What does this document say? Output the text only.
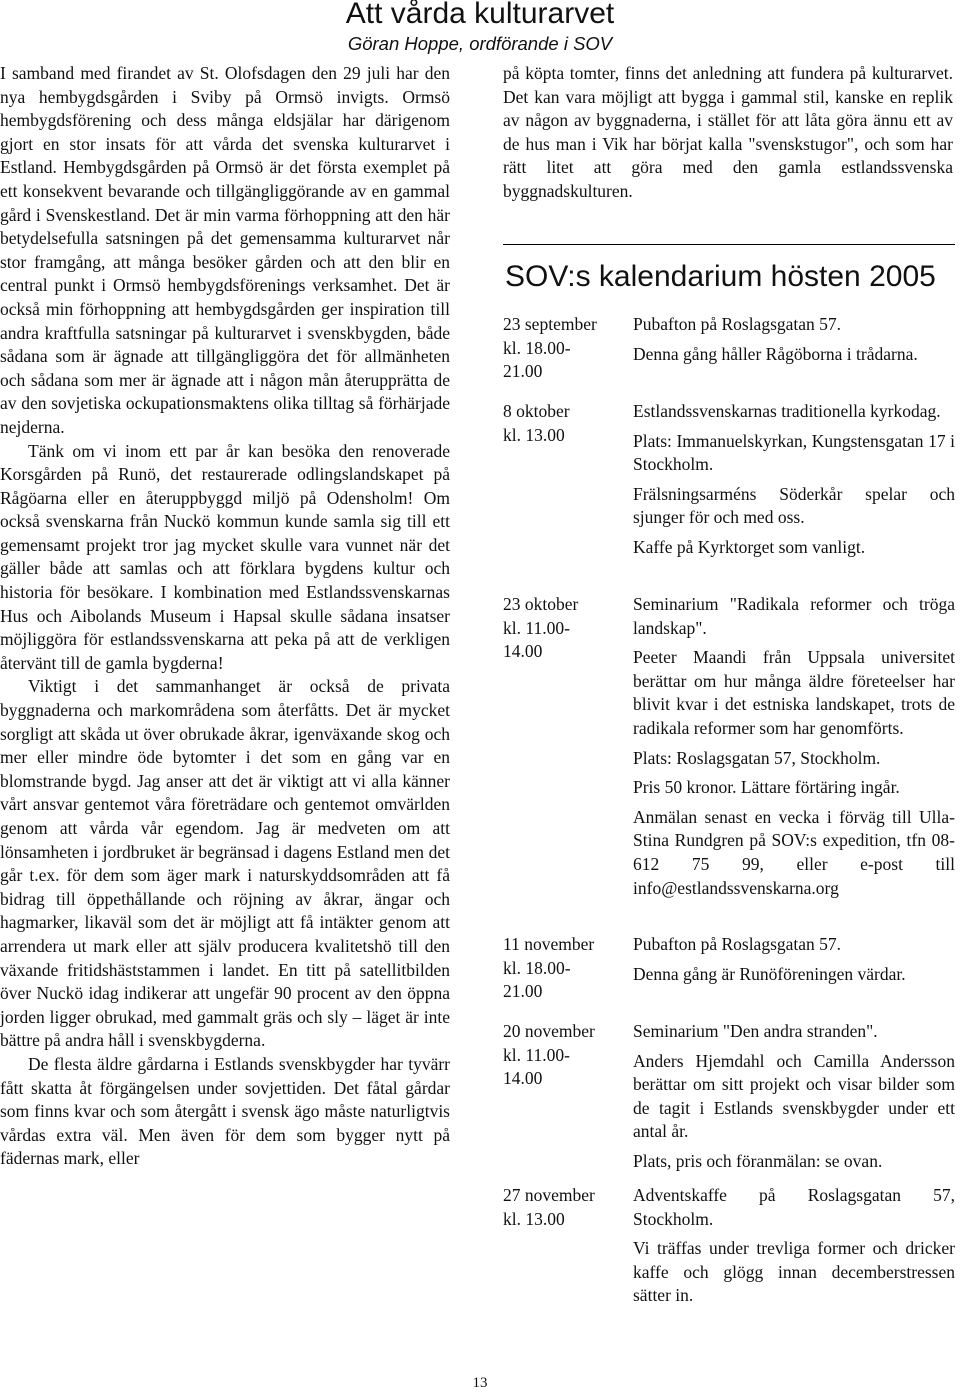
Att vårda kulturarvet
Göran Hoppe, ordförande i SOV

I samband med firandet av St. Olofsdagen den 29 juli har den nya hembygdsgården i Sviby på Ormsö invigts. Ormsö hembygdsförening och dess många eldsjälar har därigenom gjort en stor insats för att vårda det svenska kulturarvet i Estland. Hembygdsgården på Ormsö är det första exemplet på ett konsekvent bevarande och tillgängliggörande av en gammal gård i Svenskestland. Det är min varma förhoppning att den här betydelsefulla satsningen på det gemensamma kulturarvet når stor framgång, att många besöker gården och att den blir en central punkt i Ormsö hembygdsförenings verksamhet. Det är också min förhoppning att hembygdsgården ger inspiration till andra kraftfulla satsningar på kulturarvet i svenskbygden, både sådana som är ägnade att tillgängliggöra det för allmänheten och sådana som mer är ägnade att i någon mån återupprätta de av den sovjetiska ockupationsmaktens olika tilltag så förhärjade nejderna.

Tänk om vi inom ett par år kan besöka den renoverade Korsgården på Runö, det restaurerade odlingslandskapet på Rågöarna eller en återuppbyggd miljö på Odensholm! Om också svenskarna från Nuckö kommun kunde samla sig till ett gemensamt projekt tror jag mycket skulle vara vunnet när det gäller både att samlas och att förklara bygdens kultur och historia för besökare. I kombination med Estlandssvenskarnas Hus och Aibolands Museum i Hapsal skulle sådana insatser möjliggöra för estlandssvenskarna att peka på att de verkligen återvänt till de gamla bygderna!

Viktigt i det sammanhanget är också de privata byggnaderna och markområdena som återfåtts. Det är mycket sorgligt att skåda ut över obrukade åkrar, igenväxande skog och mer eller mindre öde bytomter i det som en gång var en blomstrande bygd. Jag anser att det är viktigt att vi alla känner vårt ansvar gentemot våra företrädare och gentemot omvärlden genom att vårda vår egendom. Jag är medveten om att lönsamheten i jordbruket är begränsad i dagens Estland men det går t.ex. för dem som äger mark i naturskyddsområden att få bidrag till öppethållande och röjning av åkrar, ängar och hagmarker, likaväl som det är möjligt att få intäkter genom att arrendera ut mark eller att själv producera kvalitetshö till den växande fritidshäststammen i landet. En titt på satellitbilden över Nuckö idag indikerar att ungefär 90 procent av den öppna jorden ligger obrukad, med gammalt gräs och sly – läget är inte bättre på andra håll i svenskbygderna.

De flesta äldre gårdarna i Estlands svenskbygder har tyvärr fått skatta åt förgängelsen under sovjettiden. Det fåtal gårdar som finns kvar och som återgått i svensk ägo måste naturligtvis vårdas extra väl. Men även för dem som bygger nytt på fädernas mark, eller

på köpta tomter, finns det anledning att fundera på kulturarvet. Det kan vara möjligt att bygga i gammal stil, kanske en replik av någon av byggnaderna, i stället för att låta göra ännu ett av de hus man i Vik har börjat kalla "svenskstugor", och som har rätt litet att göra med den gamla estlandssvenska byggnadskulturen.

SOV:s kalendarium hösten 2005
23 september
kl. 18.00-
21.00

Pubafton på Roslagsgatan 57.

Denna gång håller Rågöborna i trådarna.

8 oktober
kl. 13.00

Estlandssvenskarnas traditionella kyrkodag.

Plats: Immanuelskyrkan, Kungstensgatan 17 i Stockholm.

Frälsningsarméns Söderkår spelar och sjunger för och med oss.

Kaffe på Kyrktorget som vanligt.

23 oktober
kl. 11.00-
14.00

Seminarium "Radikala reformer och tröga landskap".

Peeter Maandi från Uppsala universitet berättar om hur många äldre företeelser har blivit kvar i det estniska landskapet, trots de radikala reformer som har genomförts.

Plats: Roslagsgatan 57, Stockholm.

Pris 50 kronor. Lättare förtäring ingår.

Anmälan senast en vecka i förväg till Ulla-Stina Rundgren på SOV:s expedition, tfn 08-612 75 99, eller e-post till info@estlandssvenskarna.org

11 november
kl. 18.00-
21.00

Pubafton på Roslagsgatan 57.

Denna gång är Runöföreningen värdar.

20 november
kl. 11.00-
14.00

Seminarium "Den andra stranden".

Anders Hjemdahl och Camilla Andersson berättar om sitt projekt och visar bilder som de tagit i Estlands svenskbygder under ett antal år.

Plats, pris och föranmälan: se ovan.

27 november
kl. 13.00

Adventskaffe på Roslagsgatan 57, Stockholm.

Vi träffas under trevliga former och dricker kaffe och glögg innan decemberstressen sätter in.

13
